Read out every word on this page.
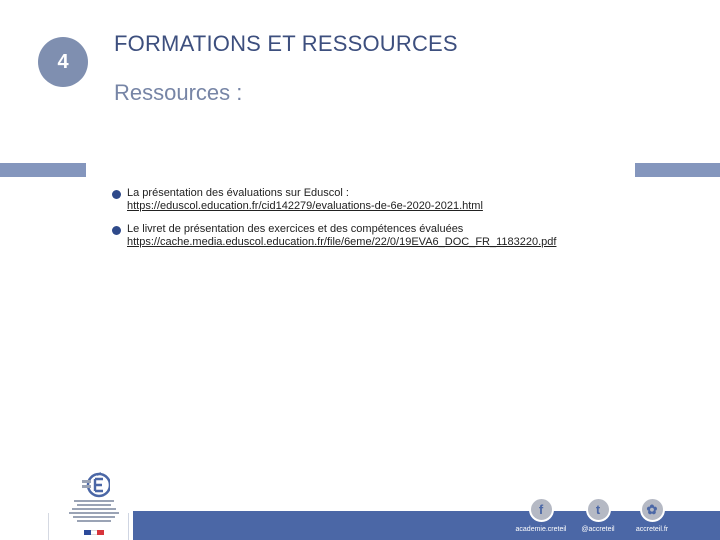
4
FORMATIONS ET RESSOURCES
Ressources :
La présentation des évaluations sur Eduscol :
https://eduscol.education.fr/cid142279/evaluations-de-6e-2020-2021.html
Le livret de présentation des exercices et des compétences évaluées
https://cache.media.eduscol.education.fr/file/6eme/22/0/19EVA6_DOC_FR_1183220.pdf
f
academie.creteil
t
@accreteil
✿
accreteil.fr
